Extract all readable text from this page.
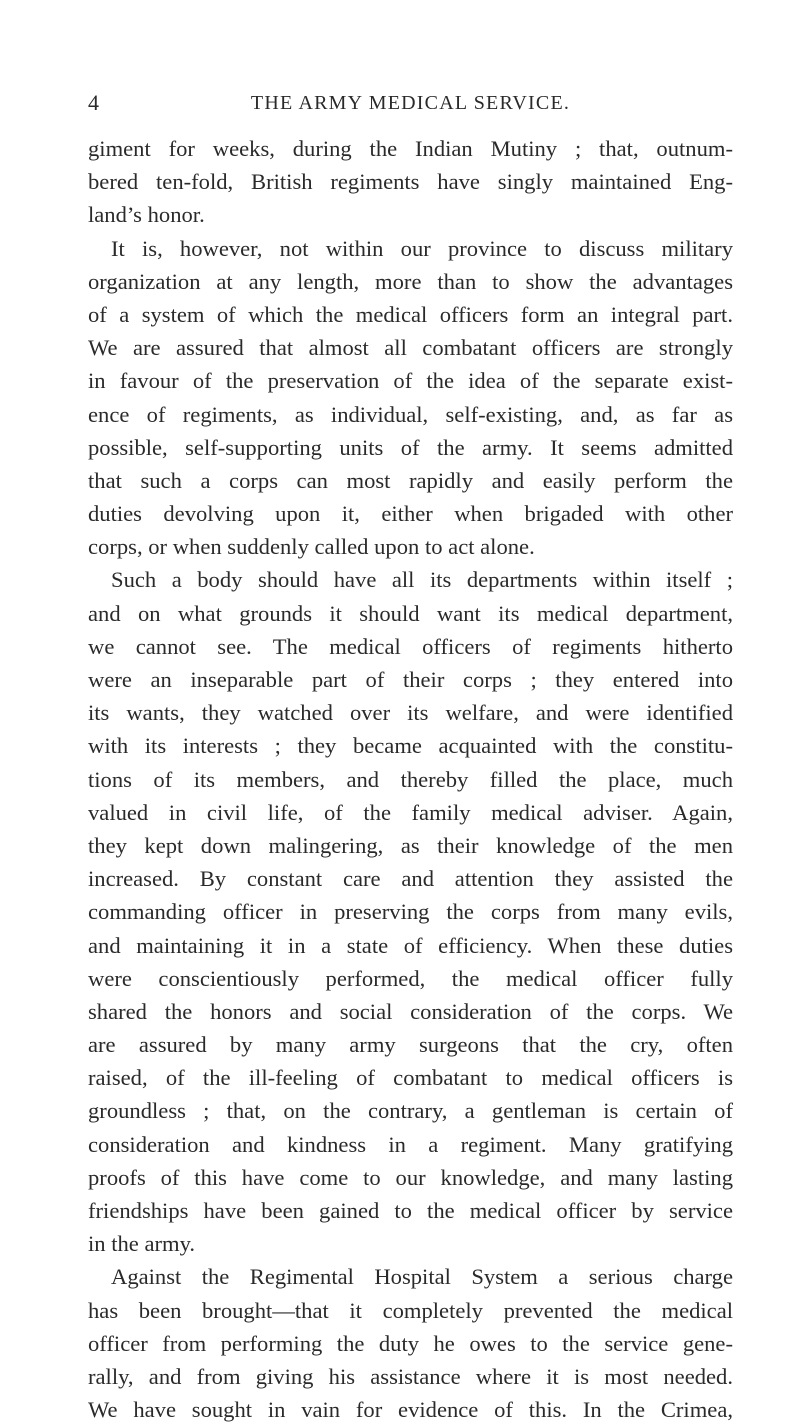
4	THE ARMY MEDICAL SERVICE.
giment for weeks, during the Indian Mutiny ; that, outnum-
bered ten-fold, British regiments have singly maintained Eng-
land’s honor.
It is, however, not within our province to discuss military
organization at any length, more than to show the advantages
of a system of which the medical officers form an integral part.
We are assured that almost all combatant officers are strongly
in favour of the preservation of the idea of the separate exist-
ence of regiments, as individual, self-existing, and, as far as
possible, self-supporting units of the army. It seems admitted
that such a corps can most rapidly and easily perform the
duties devolving upon it, either when brigaded with other
corps, or when suddenly called upon to act alone.
Such a body should have all its departments within itself ;
and on what grounds it should want its medical department,
we cannot see. The medical officers of regiments hitherto
were an inseparable part of their corps ; they entered into
its wants, they watched over its welfare, and were identified
with its interests ; they became acquainted with the constitu-
tions of its members, and thereby filled the place, much
valued in civil life, of the family medical adviser. Again,
they kept down malingering, as their knowledge of the men
increased. By constant care and attention they assisted the
commanding officer in preserving the corps from many evils,
and maintaining it in a state of efficiency. When these duties
were conscientiously performed, the medical officer fully
shared the honors and social consideration of the corps. We
are assured by many army surgeons that the cry, often
raised, of the ill-feeling of combatant to medical officers is
groundless ; that, on the contrary, a gentleman is certain of
consideration and kindness in a regiment. Many gratifying
proofs of this have come to our knowledge, and many lasting
friendships have been gained to the medical officer by service
in the army.
Against the Regimental Hospital System a serious charge
has been brought—that it completely prevented the medical
officer from performing the duty he owes to the service gene-
rally, and from giving his assistance where it is most needed.
We have sought in vain for evidence of this. In the Crimea,
